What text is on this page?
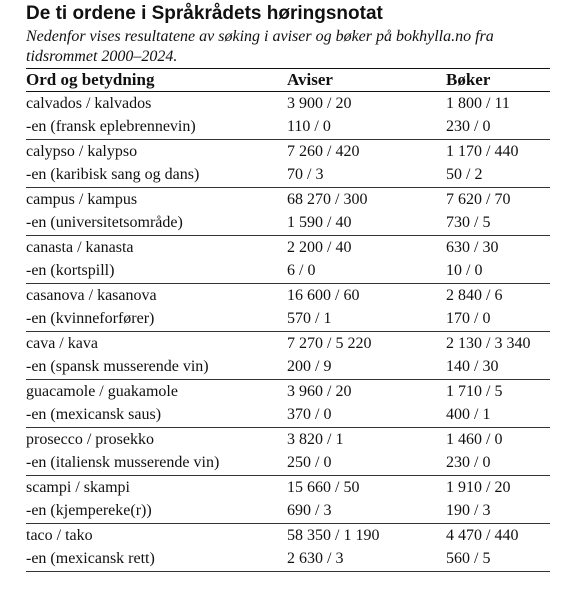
De ti ordene i Språkrådets høringsnotat

Nedenfor vises resultatene av søking i aviser og bøker på bokhylla.no fra tidsrommet 2000–2024.

Ord og betydning	Aviser	Bøker
calvados / kalvados	3 900 / 20	1 800 / 11
-en (fransk eplebrennevin)	110 / 0	230 / 0
calypso / kalypso	7 260 / 420	1 170 / 440
-en (karibisk sang og dans)	70 / 3	50 / 2
campus / kampus	68 270 / 300	7 620 / 70
-en (universitetsområde)	1 590 / 40	730 / 5
canasta / kanasta	2 200 / 40	630 / 30
-en (kortspill)	6 / 0	10 / 0
casanova / kasanova	16 600 / 60	2 840 / 6
-en (kvinneforfører)	570 / 1	170 / 0
cava / kava	7 270 / 5 220	2 130 / 3 340
-en (spansk musserende vin)	200 / 9	140 / 30
guacamole / guakamole	3 960 / 20	1 710 / 5
-en (mexicansk saus)	370 / 0	400 / 1
prosecco / prosekko	3 820 / 1	1 460 / 0
-en (italiensk musserende vin)	250 / 0	230 / 0
scampi / skampi	15 660 / 50	1 910 / 20
-en (kjempereke(r))	690 / 3	190 / 3
taco / tako	58 350 / 1 190	4 470 / 440
-en (mexicansk rett)	2 630 / 3	560 / 5
